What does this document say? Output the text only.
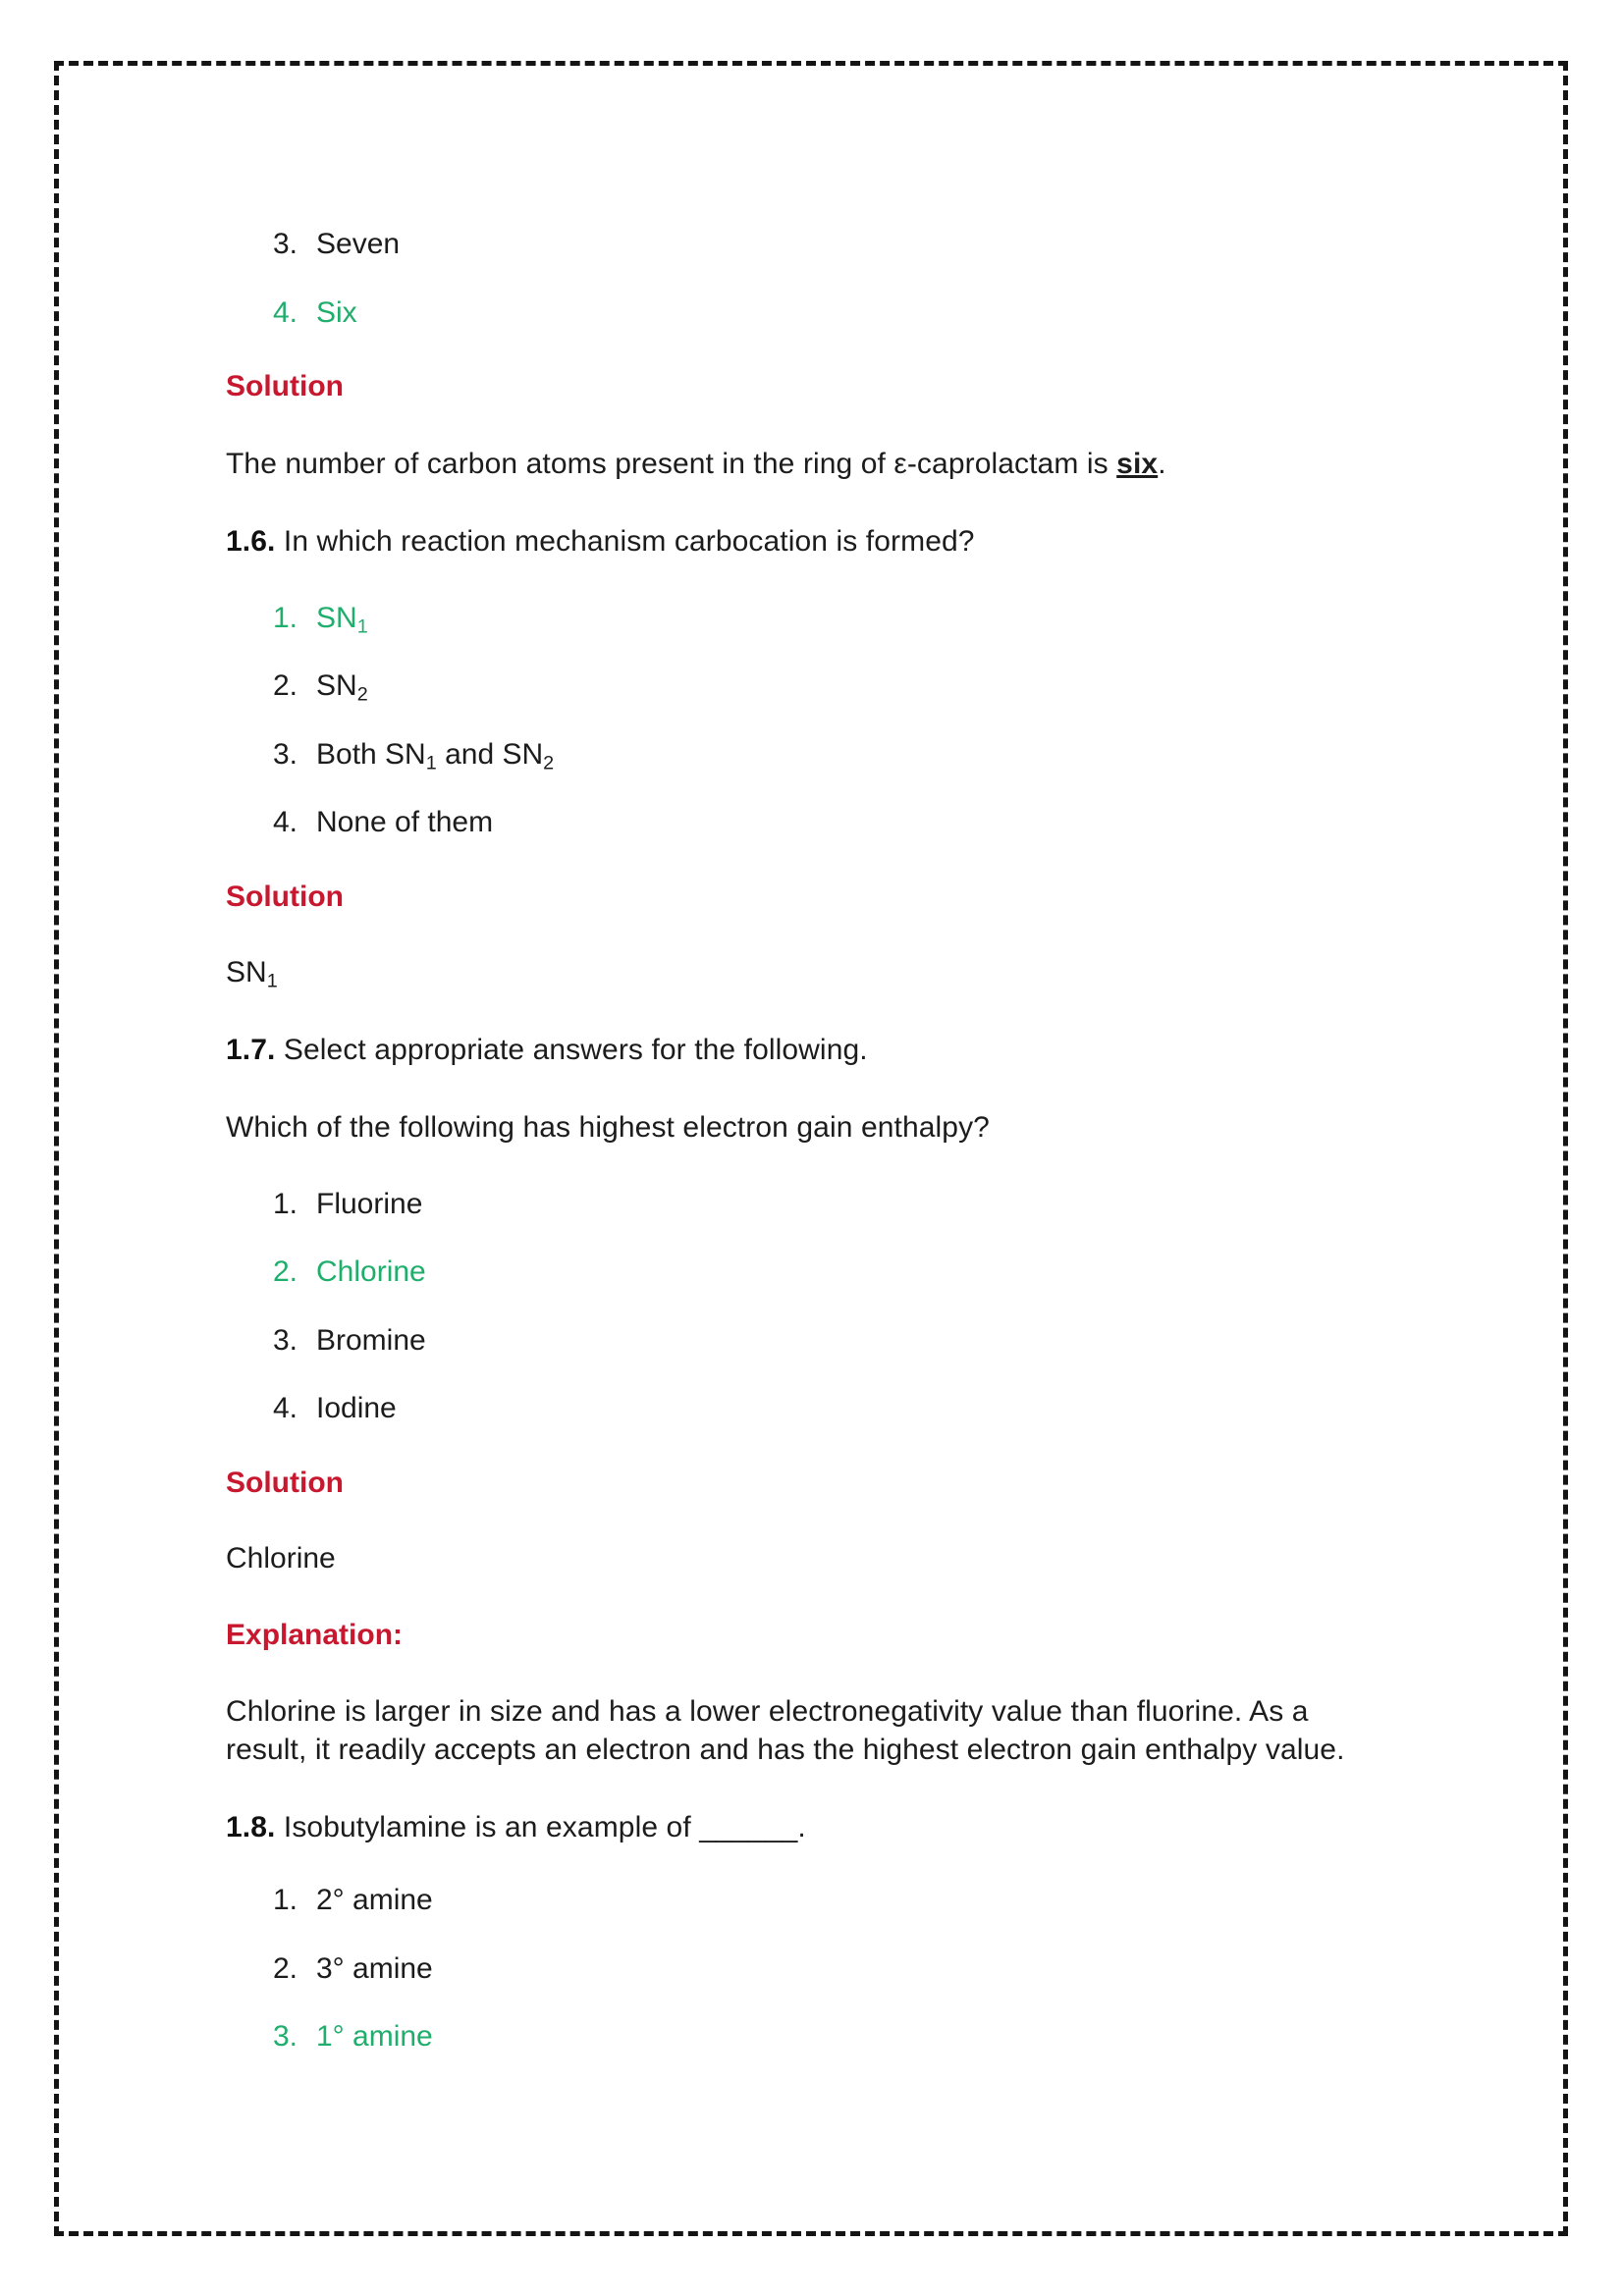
3. Seven
4. Six

Solution

The number of carbon atoms present in the ring of ε-caprolactam is six.

1.6. In which reaction mechanism carbocation is formed?

1. $SN_1$
2. $SN_2$
3. Both $SN_1$ and $SN_2$
4. None of them

Solution

$SN_1$

1.7. Select appropriate answers for the following.

Which of the following has highest electron gain enthalpy?

1. Fluorine
2. Chlorine
3. Bromine
4. Iodine

Solution

Chlorine

Explanation:

Chlorine is larger in size and has a lower electronegativity value than fluorine. As a result, it readily accepts an electron and has the highest electron gain enthalpy value.

1.8. Isobutylamine is an example of ______.

1. 2° amine
2. 3° amine
3. 1° amine
